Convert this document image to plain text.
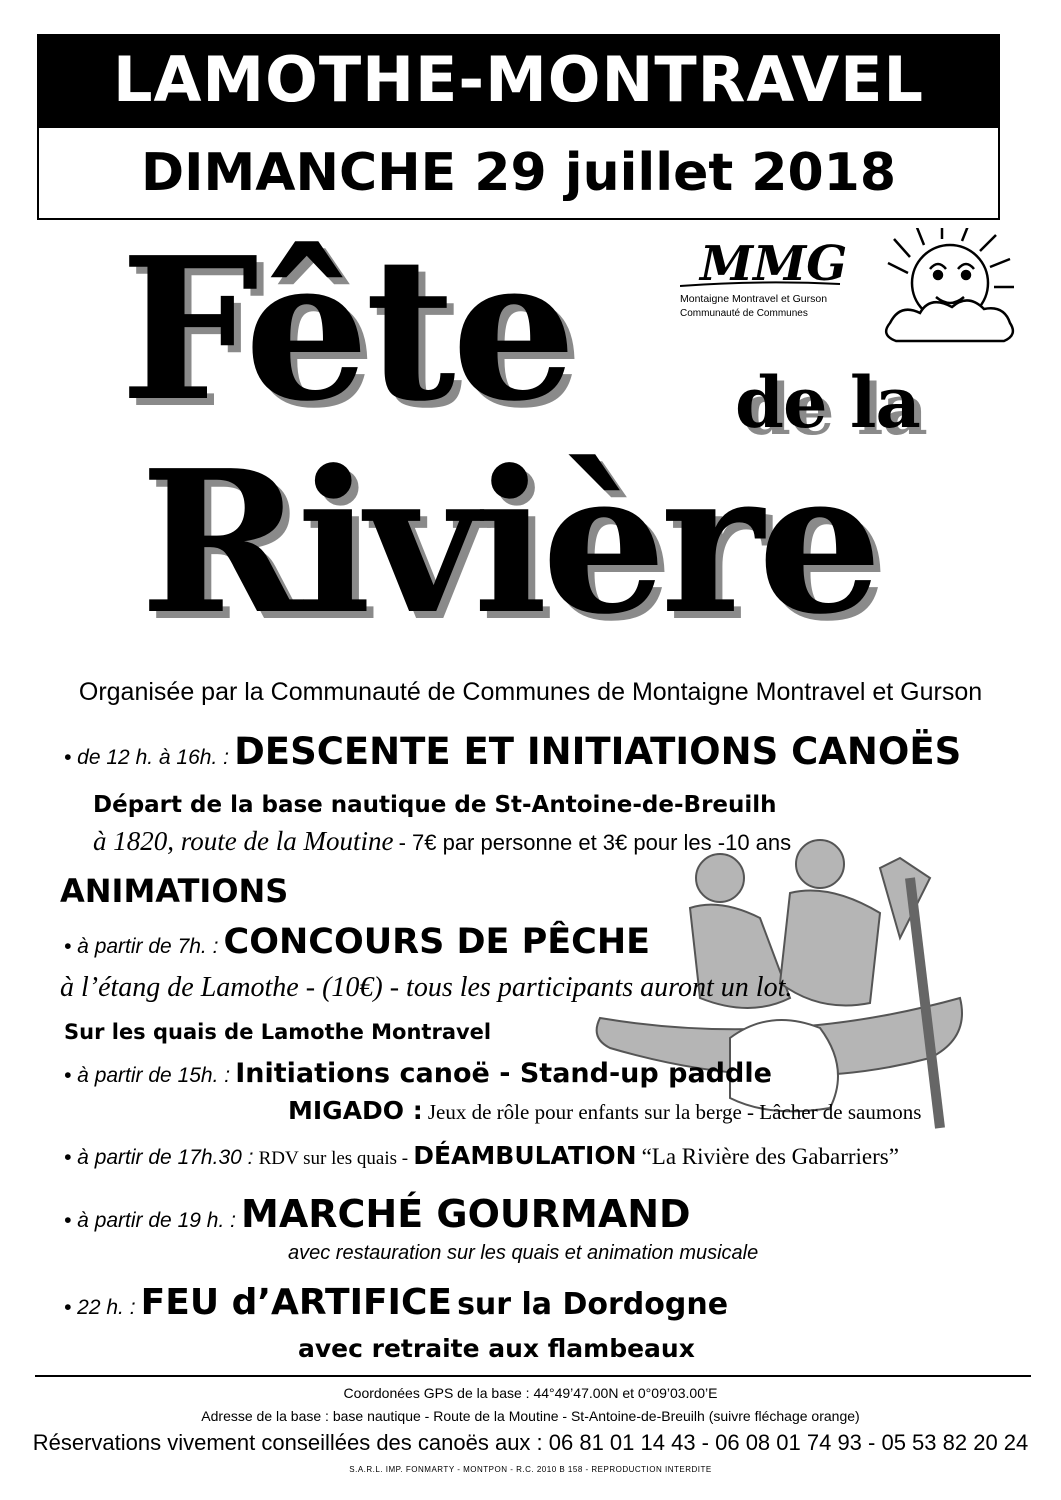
LAMOTHE-MONTRAVEL
DIMANCHE 29 juillet 2018
MMG
Montaigne Montravel et Gurson
Communauté de Communes
Fête de la
Rivière
Organisée par la Communauté de Communes de Montaigne Montravel et Gurson
• de 12 h. à 16h. : DESCENTE ET INITIATIONS CANOËS
Départ de la base nautique de St-Antoine-de-Breuilh
à 1820, route de la Moutine - 7€ par personne et 3€ pour les -10 ans
ANIMATIONS
• à partir de 7h. : CONCOURS DE PÊCHE
à l’étang de Lamothe - (10€) - tous les participants auront un lot.
Sur les quais de Lamothe Montravel
• à partir de 15h. : Initiations canoë - Stand-up paddle
MIGADO : Jeux de rôle pour enfants sur la berge - Lâcher de saumons
• à partir de 17h.30 : RDV sur les quais - DÉAMBULATION “La Rivière des Gabarriers”
• à partir de 19 h. : MARCHÉ GOURMAND
avec restauration sur les quais et animation musicale
• 22 h. : FEU d’ARTIFICE sur la Dordogne
avec retraite aux flambeaux
Coordonées GPS de la base : 44°49’47.00N et 0°09’03.00’E
Adresse de la base : base nautique - Route de la Moutine - St-Antoine-de-Breuilh (suivre fléchage orange)
Réservations vivement conseillées des canoës aux : 06 81 01 14 43 - 06 08 01 74 93 - 05 53 82 20 24
S.A.R.L. IMP. FONMARTY - MONTPON - R.C. 2010 B 158 - REPRODUCTION INTERDITE
